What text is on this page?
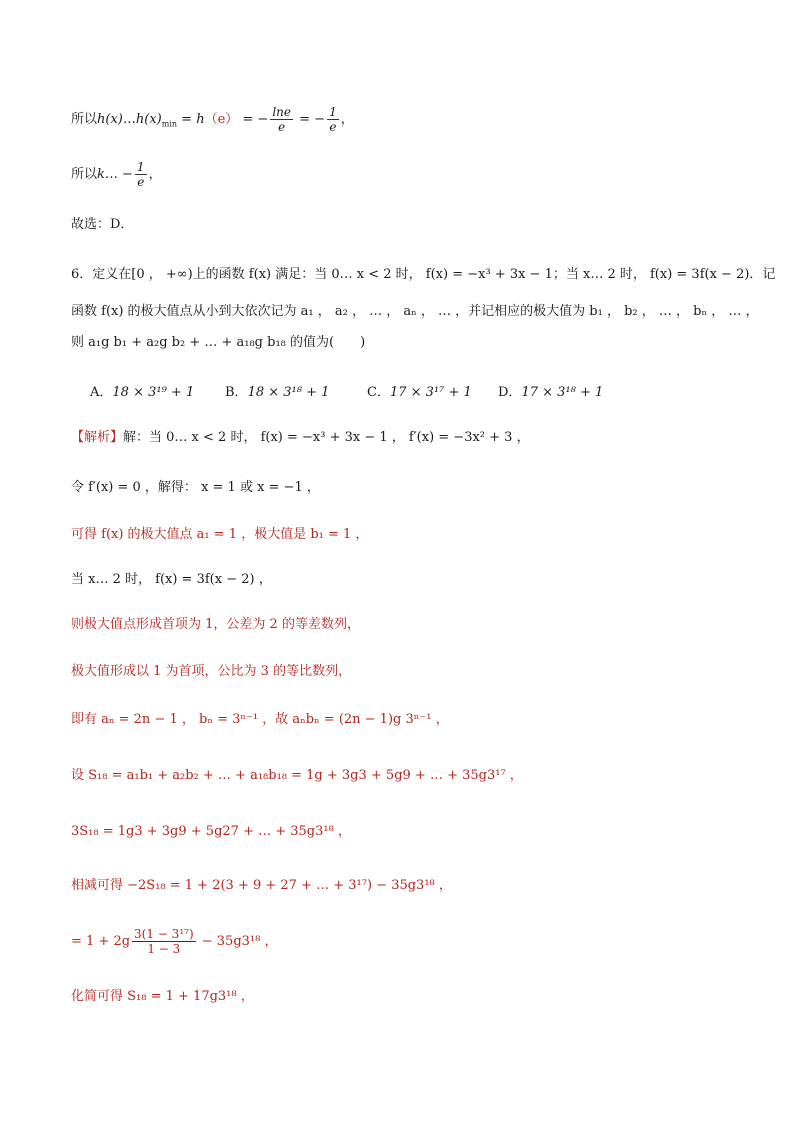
所以$h(x)\dots h(x)_{min} = h(e)$ = − $\frac{\ln e}{e}$ = − $\frac{1}{e}$ ，
所以k… − $\frac{1}{e}$ ，
故选：D．
6．定义在[0 ， +∞)上的函数 f(x) 满足：当 0… x < 2 时， f(x) = −x³ + 3x − 1；当 x… 2 时， f(x) = 3f(x − 2)．记
函数 f(x) 的极大值点从小到大依次记为 a₁ ， a₂ ， … ， aₙ ， … ，并记相应的极大值为 b₁ ， b₂ ， … ， bₙ ， … ，
则 a₁g b₁ + a₂g b₂ + … + a₁₈g b₁₈ 的值为(　　)
A．18 × 3¹⁹ + 1 B．18 × 3¹⁸ + 1	C．17 × 3¹⁷ + 1 D．17 × 3¹⁸ + 1
【解析】解：当 0… x < 2 时， f(x) = −x³ + 3x − 1 ， f′(x) = −3x² + 3 ，
令 f′(x) = 0 ，解得： x = 1 或 x = −1 ，
可得 f(x) 的极大值点 a₁ = 1 ，极大值是 b₁ = 1 ，
当 x… 2 时， f(x) = 3f(x − 2) ，
则极大值点形成首项为 1，公差为 2 的等差数列，
极大值形成以 1 为首项，公比为 3 的等比数列，
即有 aₙ = 2n − 1 ， bₙ = 3ⁿ⁻¹ ，故 aₙbₙ = (2n − 1)g 3ⁿ⁻¹ ，
设 S₁₈ = a₁b₁ + a₂b₂ + … + a₁₈b₁₈ = 1g + 3g3 + 5g9 + … + 35g3¹⁷ ，
3S₁₈ = 1g3 + 3g9 + 5g27 + … + 35g3¹⁸ ，
相减可得 −2S₁₈ = 1 + 2(3 + 9 + 27 + … + 3¹⁷) − 35g3¹⁸ ，
= $1 + 2g \frac{\text{3(1 − 3¹⁷)}}{1 - 3} - 35g3^{18}$ ，
化简可得 S₁₈ = 1 + 17g3¹⁸ ，
